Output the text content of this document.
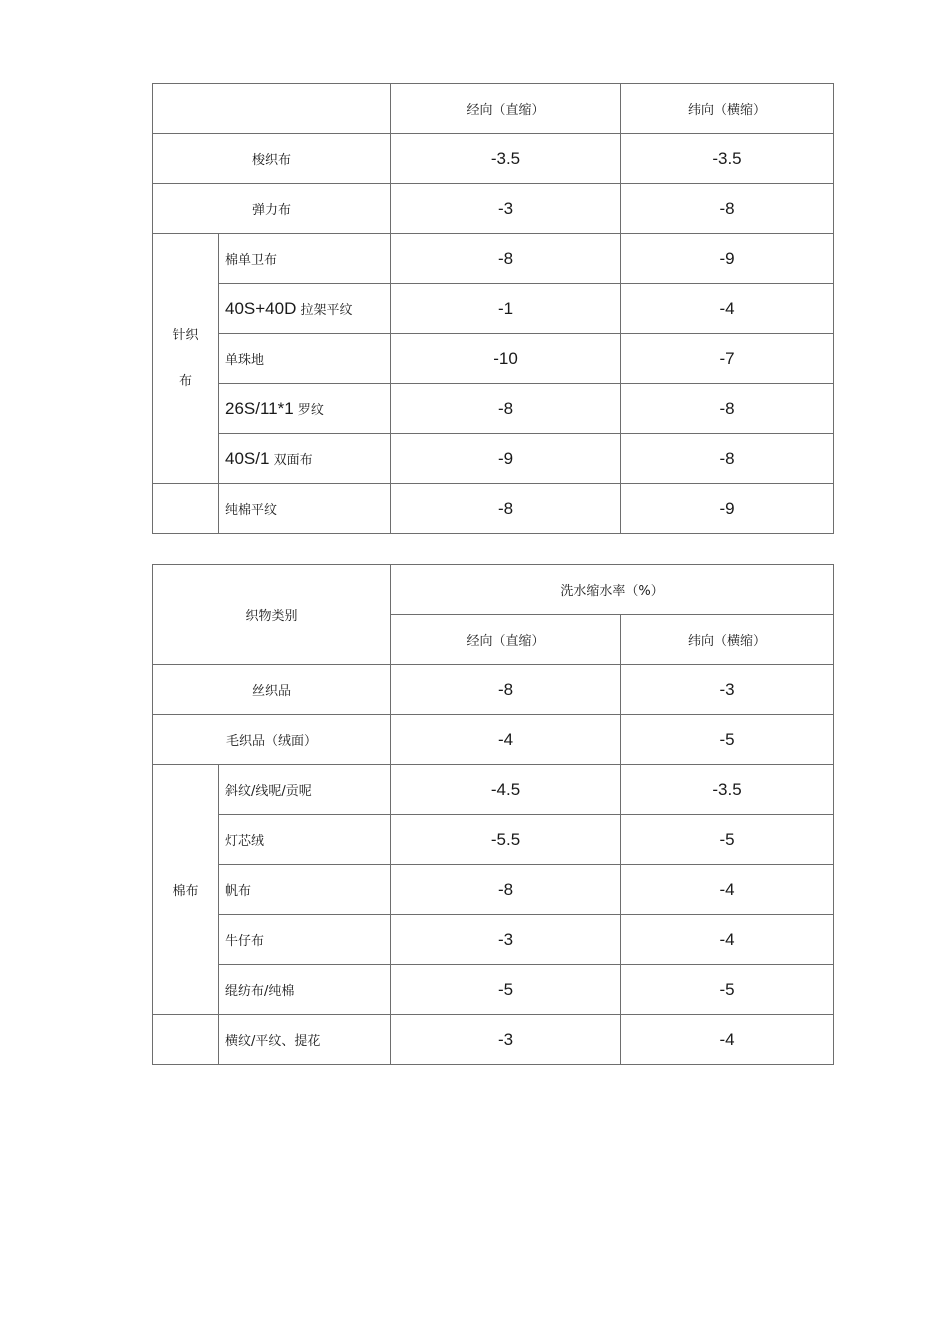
		经向（直缩）	纬向（横缩）
梭织布		-3.5	-3.5
弹力布		-3	-8

针织
布	棉单卫布	-8	-9
	40S+40D 拉架平纹	-1	-4
	单珠地	-10	-7
	26S/11*1 罗纹	-8	-8
	40S/1 双面布	-9	-8
	纯棉平纹	-8	-9
织物类别		洗水缩水率（%）	
		经向（直缩）	纬向（横缩）
丝织品		-8	-3
毛织品（绒面）		-4	-5
棉布	斜纹/线呢/贡呢	-4.5	-3.5
	灯芯绒	-5.5	-5
	帆布	-8	-4
	牛仔布	-3	-4
	绲纺布/纯棉	-5	-5
	横纹/平纹、提花	-3	-4
